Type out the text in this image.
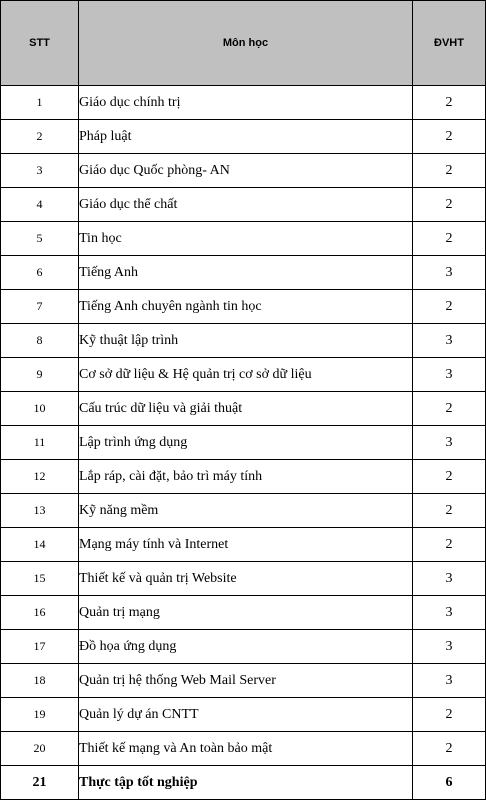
STT	Môn học	ĐVHT
1	Giáo dục chính trị	2
2	Pháp luật	2
3	Giáo dục Quốc phòng- AN	2
4	Giáo dục thể chất	2
5	Tin học	2
6	Tiếng Anh	3
7	Tiếng Anh chuyên ngành tin học	2
8	Kỹ thuật lập trình	3
9	Cơ sở dữ liệu & Hệ quản trị cơ sở dữ liệu	3
10	Cấu trúc dữ liệu và giải thuật	2
11	Lập trình ứng dụng	3
12	Lắp ráp, cài đặt, bảo trì máy tính	2
13	Kỹ năng mềm	2
14	Mạng máy tính và Internet	2
15	Thiết kế và quản trị Website	3
16	Quản trị mạng	3
17	Đồ họa ứng dụng	3
18	Quản trị hệ thống Web Mail Server	3
19	Quản lý dự án CNTT	2
20	Thiết kế mạng và An toàn bảo mật	2
21	Thực tập tốt nghiệp	6
